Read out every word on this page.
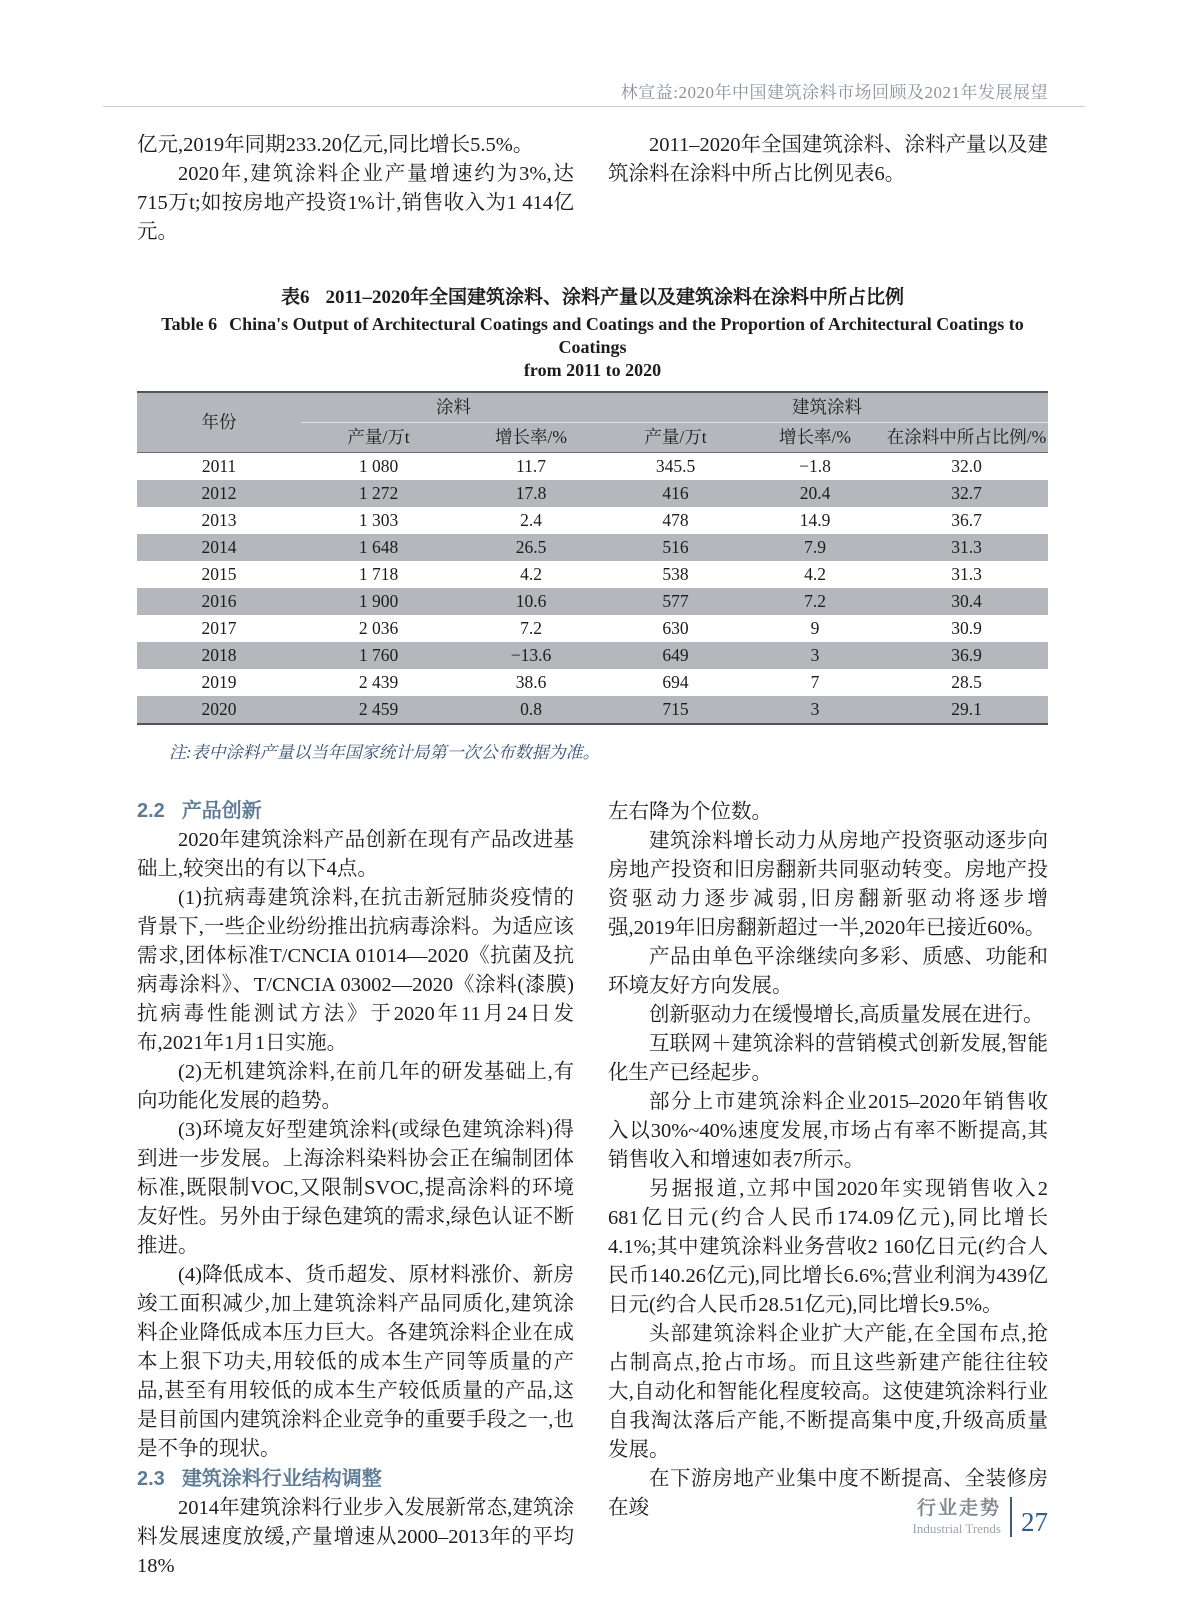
林宣益:2020年中国建筑涂料市场回顾及2021年发展展望

亿元,2019年同期233.20亿元,同比增长5.5%。

2020年,建筑涂料企业产量增速约为3%,达715万t;如按房地产投资1%计,销售收入为1 414亿元。

2011–2020年全国建筑涂料、涂料产量以及建筑涂料在涂料中所占比例见表6。

表6 2011–2020年全国建筑涂料、涂料产量以及建筑涂料在涂料中所占比例
Table 6 China's Output of Architectural Coatings and Coatings and the Proportion of Architectural Coatings to Coatings
from 2011 to 2020
年份	涂料		建筑涂料		
	产量/万t	增长率/%	产量/万t	增长率/%	在涂料中所占比例/%
2011	1 080	11.7	345.5	−1.8	32.0
2012	1 272	17.8	416	20.4	32.7
2013	1 303	2.4	478	14.9	36.7
2014	1 648	26.5	516	7.9	31.3
2015	1 718	4.2	538	4.2	31.3
2016	1 900	10.6	577	7.2	30.4
2017	2 036	7.2	630	9	30.9
2018	1 760	−13.6	649	3	36.9
2019	2 439	38.6	694	7	28.5
2020	2 459	0.8	715	3	29.1
注:表中涂料产量以当年国家统计局第一次公布数据为准。
2.2 产品创新

2020年建筑涂料产品创新在现有产品改进基础上,较突出的有以下4点。

(1)抗病毒建筑涂料,在抗击新冠肺炎疫情的背景下,一些企业纷纷推出抗病毒涂料。为适应该需求,团体标准T/CNCIA 01014—2020《抗菌及抗病毒涂料》、T/CNCIA 03002—2020《涂料(漆膜)抗病毒性能测试方法》于2020年11月24日发布,2021年1月1日实施。

(2)无机建筑涂料,在前几年的研发基础上,有向功能化发展的趋势。

(3)环境友好型建筑涂料(或绿色建筑涂料)得到进一步发展。上海涂料染料协会正在编制团体标准,既限制VOC,又限制SVOC,提高涂料的环境友好性。另外由于绿色建筑的需求,绿色认证不断推进。

(4)降低成本、货币超发、原材料涨价、新房竣工面积减少,加上建筑涂料产品同质化,建筑涂料企业降低成本压力巨大。各建筑涂料企业在成本上狠下功夫,用较低的成本生产同等质量的产品,甚至有用较低的成本生产较低质量的产品,这是目前国内建筑涂料企业竞争的重要手段之一,也是不争的现状。

2.3 建筑涂料行业结构调整

2014年建筑涂料行业步入发展新常态,建筑涂料发展速度放缓,产量增速从2000–2013年的平均18%

左右降为个位数。

建筑涂料增长动力从房地产投资驱动逐步向房地产投资和旧房翻新共同驱动转变。房地产投资驱动力逐步减弱,旧房翻新驱动将逐步增强,2019年旧房翻新超过一半,2020年已接近60%。

产品由单色平涂继续向多彩、质感、功能和环境友好方向发展。

创新驱动力在缓慢增长,高质量发展在进行。

互联网＋建筑涂料的营销模式创新发展,智能化生产已经起步。

部分上市建筑涂料企业2015–2020年销售收入以30%~40%速度发展,市场占有率不断提高,其销售收入和增速如表7所示。

另据报道,立邦中国2020年实现销售收入2 681亿日元(约合人民币174.09亿元),同比增长4.1%;其中建筑涂料业务营收2 160亿日元(约合人民币140.26亿元),同比增长6.6%;营业利润为439亿日元(约合人民币28.51亿元),同比增长9.5%。

头部建筑涂料企业扩大产能,在全国布点,抢占制高点,抢占市场。而且这些新建产能往往较大,自动化和智能化程度较高。这使建筑涂料行业自我淘汰落后产能,不断提高集中度,升级高质量发展。

在下游房地产业集中度不断提高、全装修房在竣	行业走势
Industrial Trends 27
